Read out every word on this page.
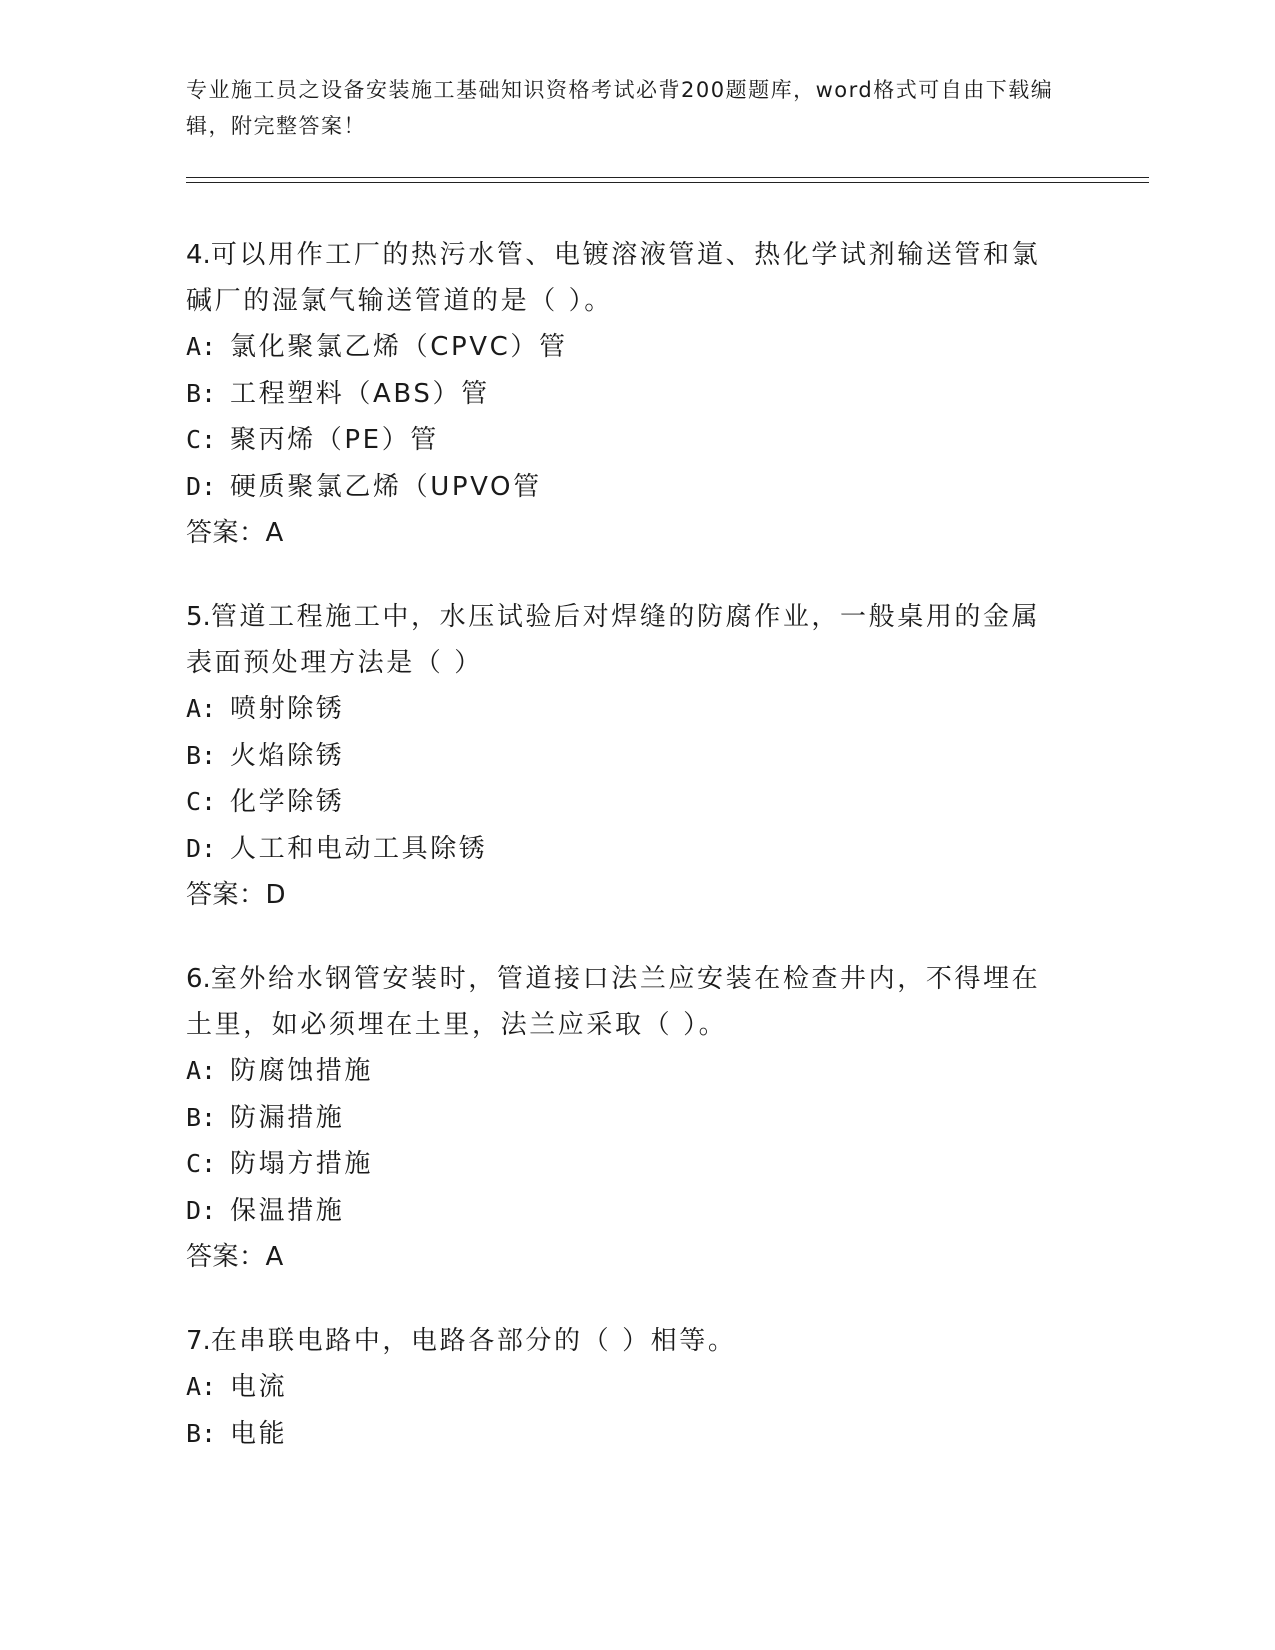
专业施工员之设备安装施工基础知识资格考试必背200题题库，word格式可自由下载编辑，附完整答案！
4.可以用作工厂的热污水管、电镀溶液管道、热化学试剂输送管和氯碱厂的湿氯气输送管道的是（ ）。
A: 氯化聚氯乙烯（CPVC）管
B: 工程塑料（ABS）管
C: 聚丙烯（PE）管
D: 硬质聚氯乙烯（UPVO管
答案：A
5.管道工程施工中，水压试验后对焊缝的防腐作业，一般桌用的金属表面预处理方法是（ ）
A: 喷射除锈
B: 火焰除锈
C: 化学除锈
D: 人工和电动工具除锈
答案：D
6.室外给水钢管安装时，管道接口法兰应安装在检查井内，不得埋在土里，如必须埋在土里，法兰应采取（ ）。
A: 防腐蚀措施
B: 防漏措施
C: 防塌方措施
D: 保温措施
答案：A
7.在串联电路中，电路各部分的（ ）相等。
A: 电流
B: 电能
